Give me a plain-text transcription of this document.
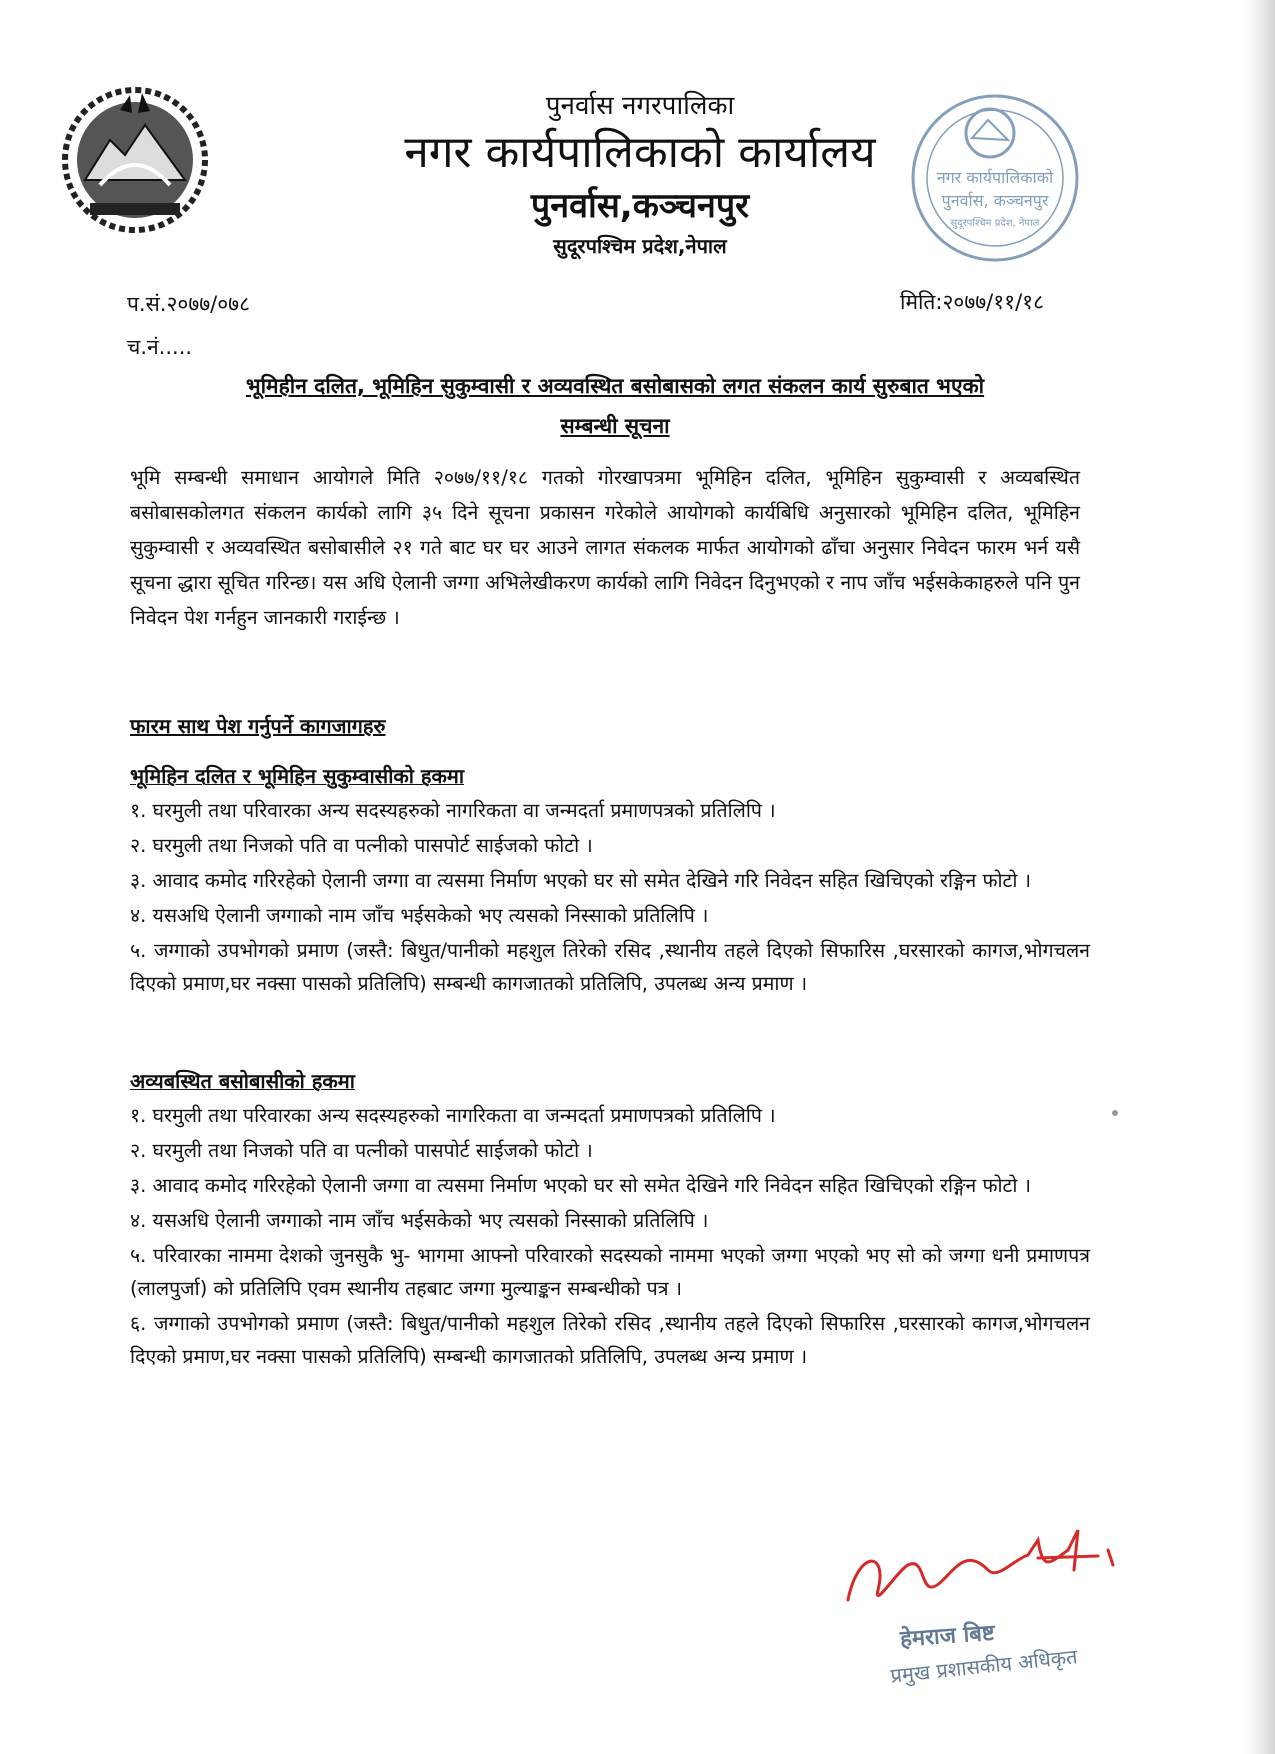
पुनर्वास नगरपालिका
नगर कार्यपालिकाको कार्यालय
पुनर्वास,कञ्चनपुर
सुदूरपश्चिम प्रदेश,नेपाल
नगर कार्यपालिकाको
पुनर्वास, कञ्चनपुर
सुदूरपश्चिम प्रदेश, नेपाल
प.सं.२०७७/०७८
च.नं.....
मिति:२०७७/११/१८
भूमिहीन दलित, भूमिहिन सुकुम्वासी र अव्यवस्थित बसोबासको लगत संकलन कार्य सुरुबात भएको
सम्बन्धी सूचना
भूमि सम्बन्धी समाधान आयोगले मिति २०७७/११/१८ गतको गोरखापत्रमा भूमिहिन दलित, भूमिहिन सुकुम्वासी र अव्यबस्थित बसोबासकोलगत संकलन कार्यको लागि ३५ दिने सूचना प्रकासन गरेकोले आयोगको कार्यबिधि अनुसारको भूमिहिन दलित, भूमिहिन सुकुम्वासी र अव्यवस्थित बसोबासीले २१ गते बाट घर घर आउने लागत संकलक मार्फत आयोगको ढाँचा अनुसार निवेदन फारम भर्न यसै सूचना द्धारा सूचित गरिन्छ। यस अधि ऐलानी जग्गा अभिलेखीकरण कार्यको लागि निवेदन दिनुभएको र नाप जाँच भईसकेकाहरुले पनि पुन निवेदन पेश गर्नहुन जानकारी गराईन्छ ।
फारम साथ पेश गर्नुपर्ने कागजागहरु
भूमिहिन दलित र भूमिहिन सुकुम्वासीको हकमा
१. घरमुली तथा परिवारका अन्य सदस्यहरुको नागरिकता वा जन्मदर्ता प्रमाणपत्रको प्रतिलिपि ।
२. घरमुली तथा निजको पति वा पत्नीको पासपोर्ट साईजको फोटो ।
३. आवाद कमोद गरिरहेको ऐलानी जग्गा वा त्यसमा निर्माण भएको घर सो समेत देखिने गरि निवेदन सहित खिचिएको रङ्गिन फोटो ।
४. यसअधि ऐलानी जग्गाको नाम जाँच भईसकेको भए त्यसको निस्साको प्रतिलिपि ।
५. जग्गाको उपभोगको प्रमाण (जस्तै: बिधुत/पानीको महशुल तिरेको रसिद ,स्थानीय तहले दिएको सिफारिस ,घरसारको कागज,भोगचलन दिएको प्रमाण,घर नक्सा पासको प्रतिलिपि) सम्बन्धी कागजातको प्रतिलिपि, उपलब्ध अन्य प्रमाण ।
अव्यबस्थित बसोबासीको हकमा
१. घरमुली तथा परिवारका अन्य सदस्यहरुको नागरिकता वा जन्मदर्ता प्रमाणपत्रको प्रतिलिपि ।
२. घरमुली तथा निजको पति वा पत्नीको पासपोर्ट साईजको फोटो ।
३. आवाद कमोद गरिरहेको ऐलानी जग्गा वा त्यसमा निर्माण भएको घर सो समेत देखिने गरि निवेदन सहित खिचिएको रङ्गिन फोटो ।
४. यसअधि ऐलानी जग्गाको नाम जाँच भईसकेको भए त्यसको निस्साको प्रतिलिपि ।
५. परिवारका नाममा देशको जुनसुकै भु- भागमा आफ्नो परिवारको सदस्यको नाममा भएको जग्गा भएको भए सो को जग्गा धनी प्रमाणपत्र (लालपुर्जा) को प्रतिलिपि एवम स्थानीय तहबाट जग्गा मुल्याङ्कन सम्बन्धीको पत्र ।
६. जग्गाको उपभोगको प्रमाण (जस्तै: बिधुत/पानीको महशुल तिरेको रसिद ,स्थानीय तहले दिएको सिफारिस ,घरसारको कागज,भोगचलन दिएको प्रमाण,घर नक्सा पासको प्रतिलिपि) सम्बन्धी कागजातको प्रतिलिपि, उपलब्ध अन्य प्रमाण ।
हेमराज बिष्ट
प्रमुख प्रशासकीय अधिकृत
